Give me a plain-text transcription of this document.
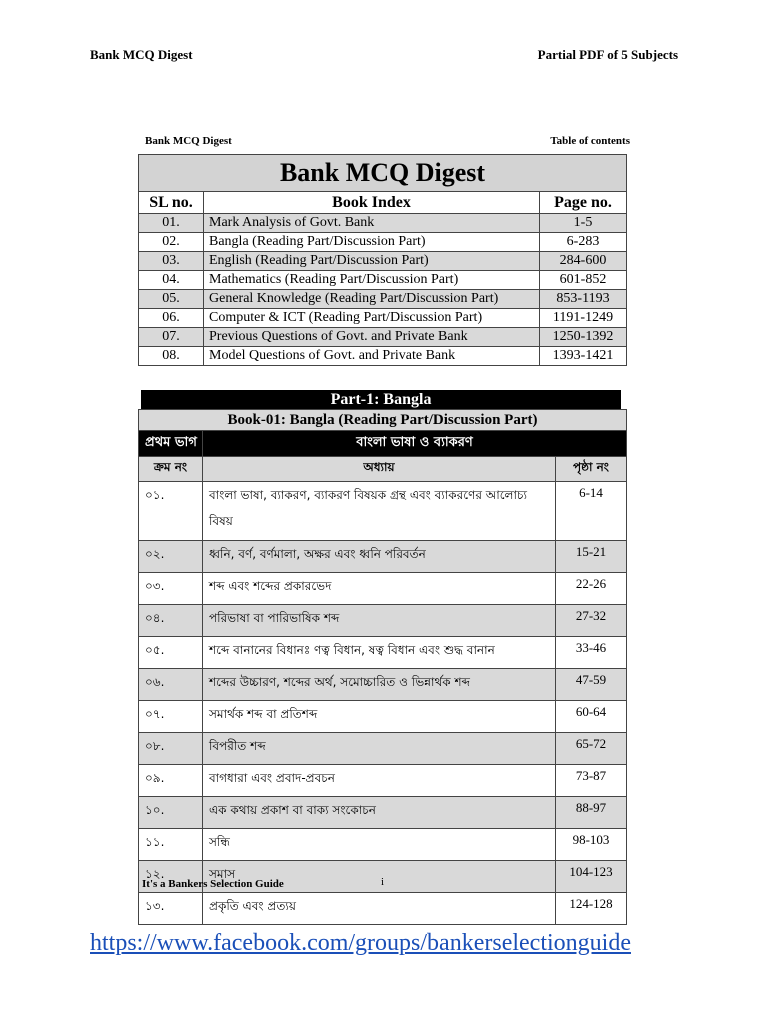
Bank MCQ Digest	Partial PDF of 5 Subjects
Bank MCQ Digest	Table of contents
Bank MCQ Digest		
SL no.	Book Index	Page no.
01.	Mark Analysis of Govt. Bank	1-5
02.	Bangla (Reading Part/Discussion Part)	6-283
03.	English (Reading Part/Discussion Part)	284-600
04.	Mathematics (Reading Part/Discussion Part)	601-852
05.	General Knowledge (Reading Part/Discussion Part)	853-1193
06.	Computer & ICT (Reading Part/Discussion Part)	1191-1249
07.	Previous Questions of Govt. and Private Bank	1250-1392
08.	Model Questions of Govt. and Private Bank	1393-1421
Part-1: Bangla
Book-01: Bangla (Reading Part/Discussion Part)		
প্রথম ভাগ	বাংলা ভাষা ও ব্যাকরণ	
ক্রম নং	অধ্যায়	পৃষ্ঠা নং
০১.	বাংলা ভাষা, ব্যাকরণ, ব্যাকরণ বিষয়ক গ্রন্থ এবং ব্যাকরণের আলোচ্য বিষয়	6-14
০২.	ধ্বনি, বর্ণ, বর্ণমালা, অক্ষর এবং ধ্বনি পরিবর্তন	15-21
০৩.	শব্দ এবং শব্দের প্রকারভেদ	22-26
০৪.	পরিভাষা বা পারিভাষিক শব্দ	27-32
০৫.	শব্দে বানানের বিধানঃ ণত্ব বিধান, ষত্ব বিধান এবং শুদ্ধ বানান	33-46
০৬.	শব্দের উচ্চারণ, শব্দের অর্থ, সমোচ্চারিত ও ভিন্নার্থক শব্দ	47-59
০৭.	সমার্থক শব্দ বা প্রতিশব্দ	60-64
০৮.	বিপরীত শব্দ	65-72
০৯.	বাগধারা এবং প্রবাদ-প্রবচন	73-87
১০.	এক কথায় প্রকাশ বা বাক্য সংকোচন	88-97
১১.	সন্ধি	98-103
১২.	সমাস	104-123
১৩.	প্রকৃতি এবং প্রত্যয়	124-128
It's a Bankers Selection Guide	i
https://www.facebook.com/groups/bankerselectionguide
